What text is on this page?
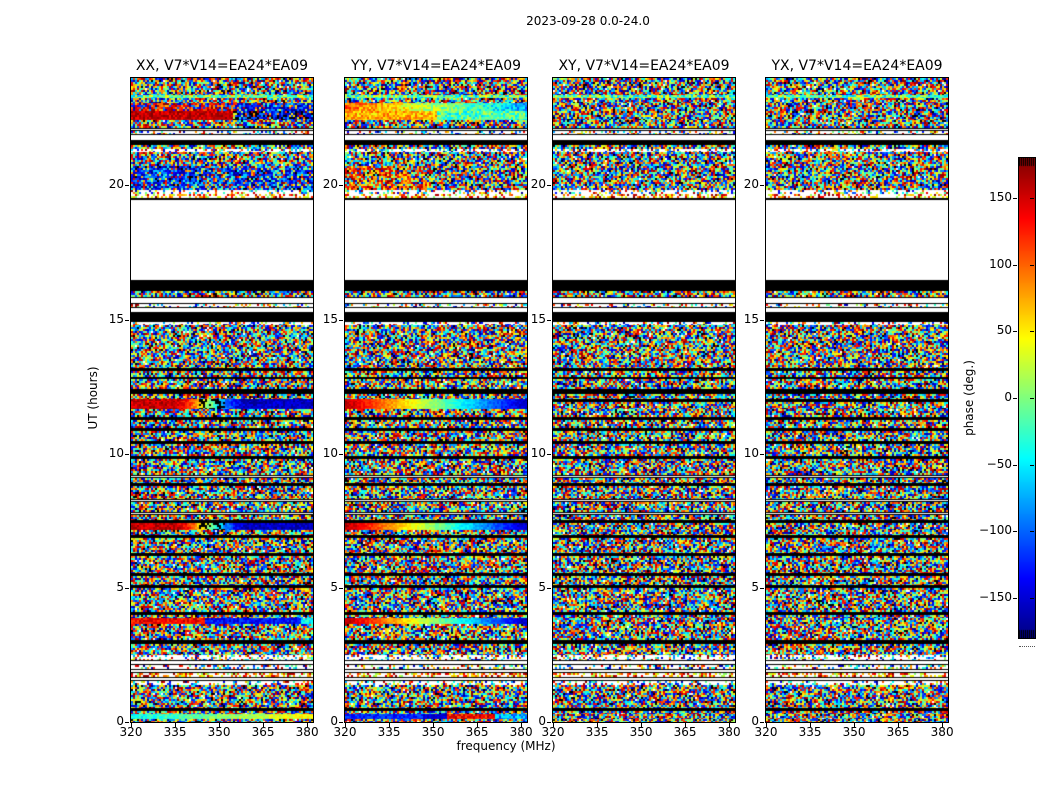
2023-09-28 0.0-24.0
XX, V7*V14=EA24*EA09
320	335	350	365	380
0
5
10
15
20
YY, V7*V14=EA24*EA09
320	335	350	365	380
0
5
10
15
20
XY, V7*V14=EA24*EA09
320	335	350	365	380
0
5
10
15
20
YX, V7*V14=EA24*EA09
320	335	350	365	380
0
5
10
15
20
frequency (MHz)
UT (hours)
150
100
50
0
−50
−100
−150
phase (deg.)
